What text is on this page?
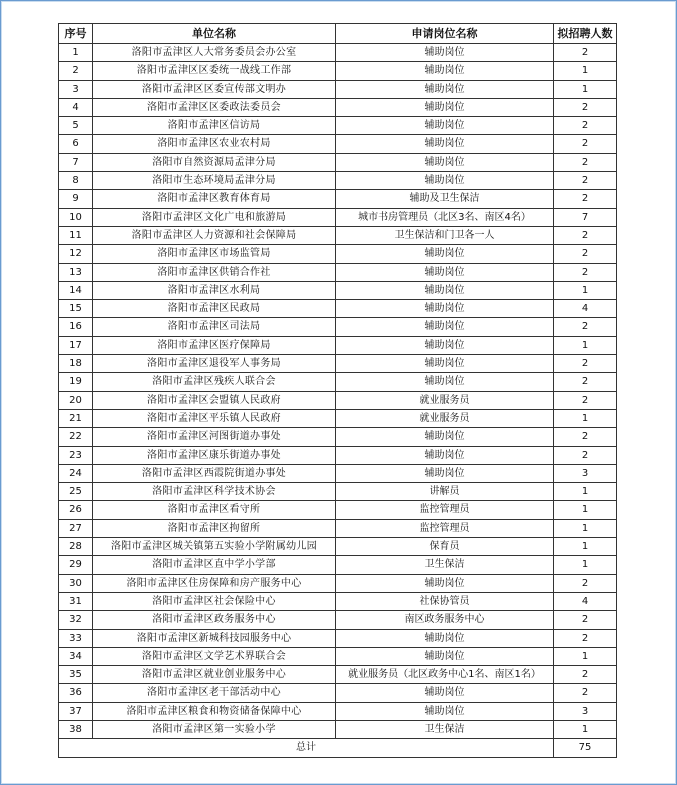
序号	单位名称	申请岗位名称	拟招聘人数
1	洛阳市孟津区人大常务委员会办公室	辅助岗位	2
2	洛阳市孟津区区委统一战线工作部	辅助岗位	1
3	洛阳市孟津区区委宣传部文明办	辅助岗位	1
4	洛阳市孟津区区委政法委员会	辅助岗位	2
5	洛阳市孟津区信访局	辅助岗位	2
6	洛阳市孟津区农业农村局	辅助岗位	2
7	洛阳市自然资源局孟津分局	辅助岗位	2
8	洛阳市生态环境局孟津分局	辅助岗位	2
9	洛阳市孟津区教育体育局	辅助及卫生保洁	2
10	洛阳市孟津区文化广电和旅游局	城市书房管理员（北区3名、南区4名）	7
11	洛阳市孟津区人力资源和社会保障局	卫生保洁和门卫各一人	2
12	洛阳市孟津区市场监管局	辅助岗位	2
13	洛阳市孟津区供销合作社	辅助岗位	2
14	洛阳市孟津区水利局	辅助岗位	1
15	洛阳市孟津区民政局	辅助岗位	4
16	洛阳市孟津区司法局	辅助岗位	2
17	洛阳市孟津区医疗保障局	辅助岗位	1
18	洛阳市孟津区退役军人事务局	辅助岗位	2
19	洛阳市孟津区残疾人联合会	辅助岗位	2
20	洛阳市孟津区会盟镇人民政府	就业服务员	2
21	洛阳市孟津区平乐镇人民政府	就业服务员	1
22	洛阳市孟津区河图街道办事处	辅助岗位	2
23	洛阳市孟津区康乐街道办事处	辅助岗位	2
24	洛阳市孟津区西霞院街道办事处	辅助岗位	3
25	洛阳市孟津区科学技术协会	讲解员	1
26	洛阳市孟津区看守所	监控管理员	1
27	洛阳市孟津区拘留所	监控管理员	1
28	洛阳市孟津区城关镇第五实验小学附属幼儿园	保育员	1
29	洛阳市孟津区直中学小学部	卫生保洁	1
30	洛阳市孟津区住房保障和房产服务中心	辅助岗位	2
31	洛阳市孟津区社会保险中心	社保协管员	4
32	洛阳市孟津区政务服务中心	南区政务服务中心	2
33	洛阳市孟津区新城科技园服务中心	辅助岗位	2
34	洛阳市孟津区文学艺术界联合会	辅助岗位	1
35	洛阳市孟津区就业创业服务中心	就业服务员（北区政务中心1名、南区1名）	2
36	洛阳市孟津区老干部活动中心	辅助岗位	2
37	洛阳市孟津区粮食和物资储备保障中心	辅助岗位	3
38	洛阳市孟津区第一实验小学	卫生保洁	1
总计			75
